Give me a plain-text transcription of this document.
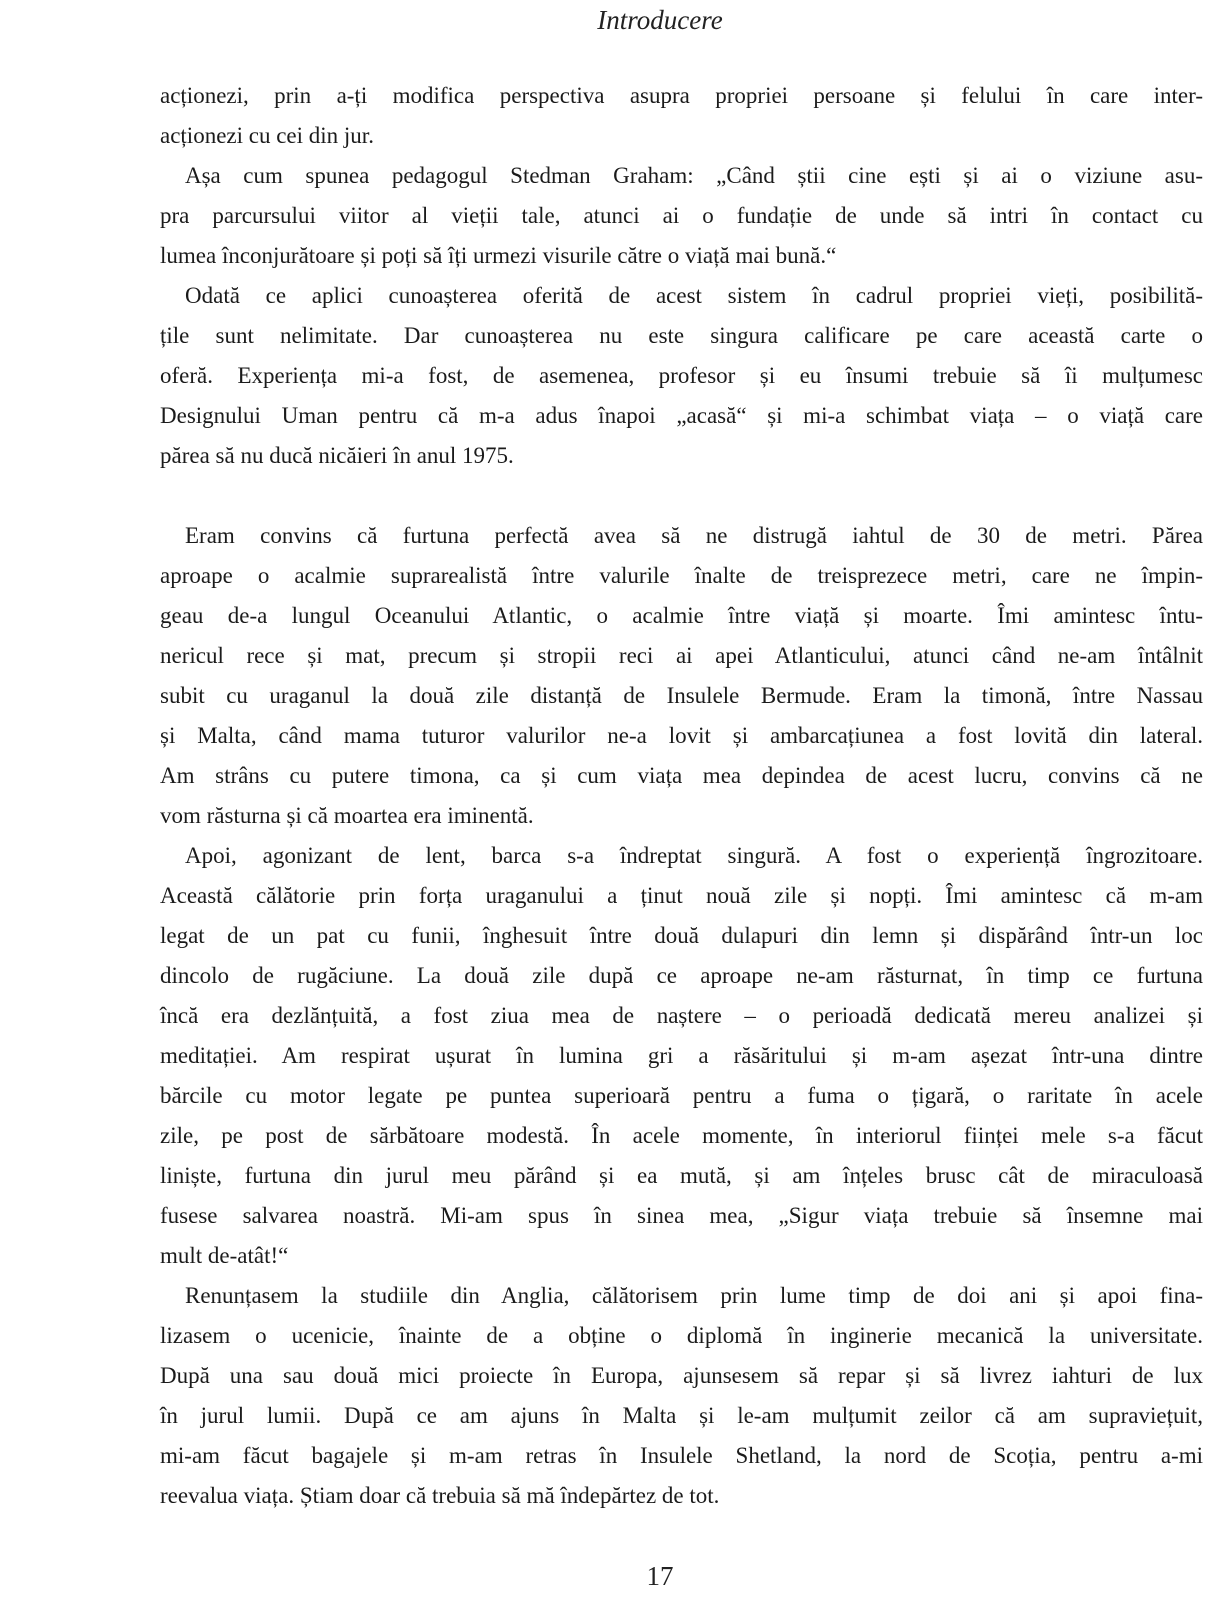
Introducere

acționezi, prin a-ți modifica perspectiva asupra propriei persoane și felului în care inter-
acționezi cu cei din jur.

Așa cum spunea pedagogul Stedman Graham: „Când știi cine ești și ai o viziune asu-
pra parcursului viitor al vieții tale, atunci ai o fundație de unde să intri în contact cu
lumea înconjurătoare și poți să îți urmezi visurile către o viață mai bună.“

Odată ce aplici cunoașterea oferită de acest sistem în cadrul propriei vieți, posibilită-
țile sunt nelimitate. Dar cunoașterea nu este singura calificare pe care această carte o
oferă. Experiența mi-a fost, de asemenea, profesor și eu însumi trebuie să îi mulțumesc
Designului Uman pentru că m-a adus înapoi „acasă“ și mi-a schimbat viața – o viață care
părea să nu ducă nicăieri în anul 1975.

Eram convins că furtuna perfectă avea să ne distrugă iahtul de 30 de metri. Părea
aproape o acalmie suprarealistă între valurile înalte de treisprezece metri, care ne împin-
geau de-a lungul Oceanului Atlantic, o acalmie între viață și moarte. Îmi amintesc întu-
nericul rece și mat, precum și stropii reci ai apei Atlanticului, atunci când ne-am întâlnit
subit cu uraganul la două zile distanță de Insulele Bermude. Eram la timonă, între Nassau
și Malta, când mama tuturor valurilor ne-a lovit și ambarcațiunea a fost lovită din lateral.
Am strâns cu putere timona, ca și cum viața mea depindea de acest lucru, convins că ne
vom răsturna și că moartea era iminentă.

Apoi, agonizant de lent, barca s-a îndreptat singură. A fost o experiență îngrozitoare.
Această călătorie prin forța uraganului a ținut nouă zile și nopți. Îmi amintesc că m-am
legat de un pat cu funii, înghesuit între două dulapuri din lemn și dispărând într-un loc
dincolo de rugăciune. La două zile după ce aproape ne-am răsturnat, în timp ce furtuna
încă era dezlănțuită, a fost ziua mea de naștere – o perioadă dedicată mereu analizei și
meditației. Am respirat ușurat în lumina gri a răsăritului și m-am așezat într-una dintre
bărcile cu motor legate pe puntea superioară pentru a fuma o țigară, o raritate în acele
zile, pe post de sărbătoare modestă. În acele momente, în interiorul ființei mele s-a făcut
liniște, furtuna din jurul meu părând și ea mută, și am înțeles brusc cât de miraculoasă
fusese salvarea noastră. Mi-am spus în sinea mea, „Sigur viața trebuie să însemne mai
mult de-atât!“

Renunțasem la studiile din Anglia, călătorisem prin lume timp de doi ani și apoi fina-
lizasem o ucenicie, înainte de a obține o diplomă în inginerie mecanică la universitate.
După una sau două mici proiecte în Europa, ajunsesem să repar și să livrez iahturi de lux
în jurul lumii. După ce am ajuns în Malta și le-am mulțumit zeilor că am supraviețuit,
mi-am făcut bagajele și m-am retras în Insulele Shetland, la nord de Scoția, pentru a-mi
reevalua viața. Știam doar că trebuia să mă îndepărtez de tot.

17
